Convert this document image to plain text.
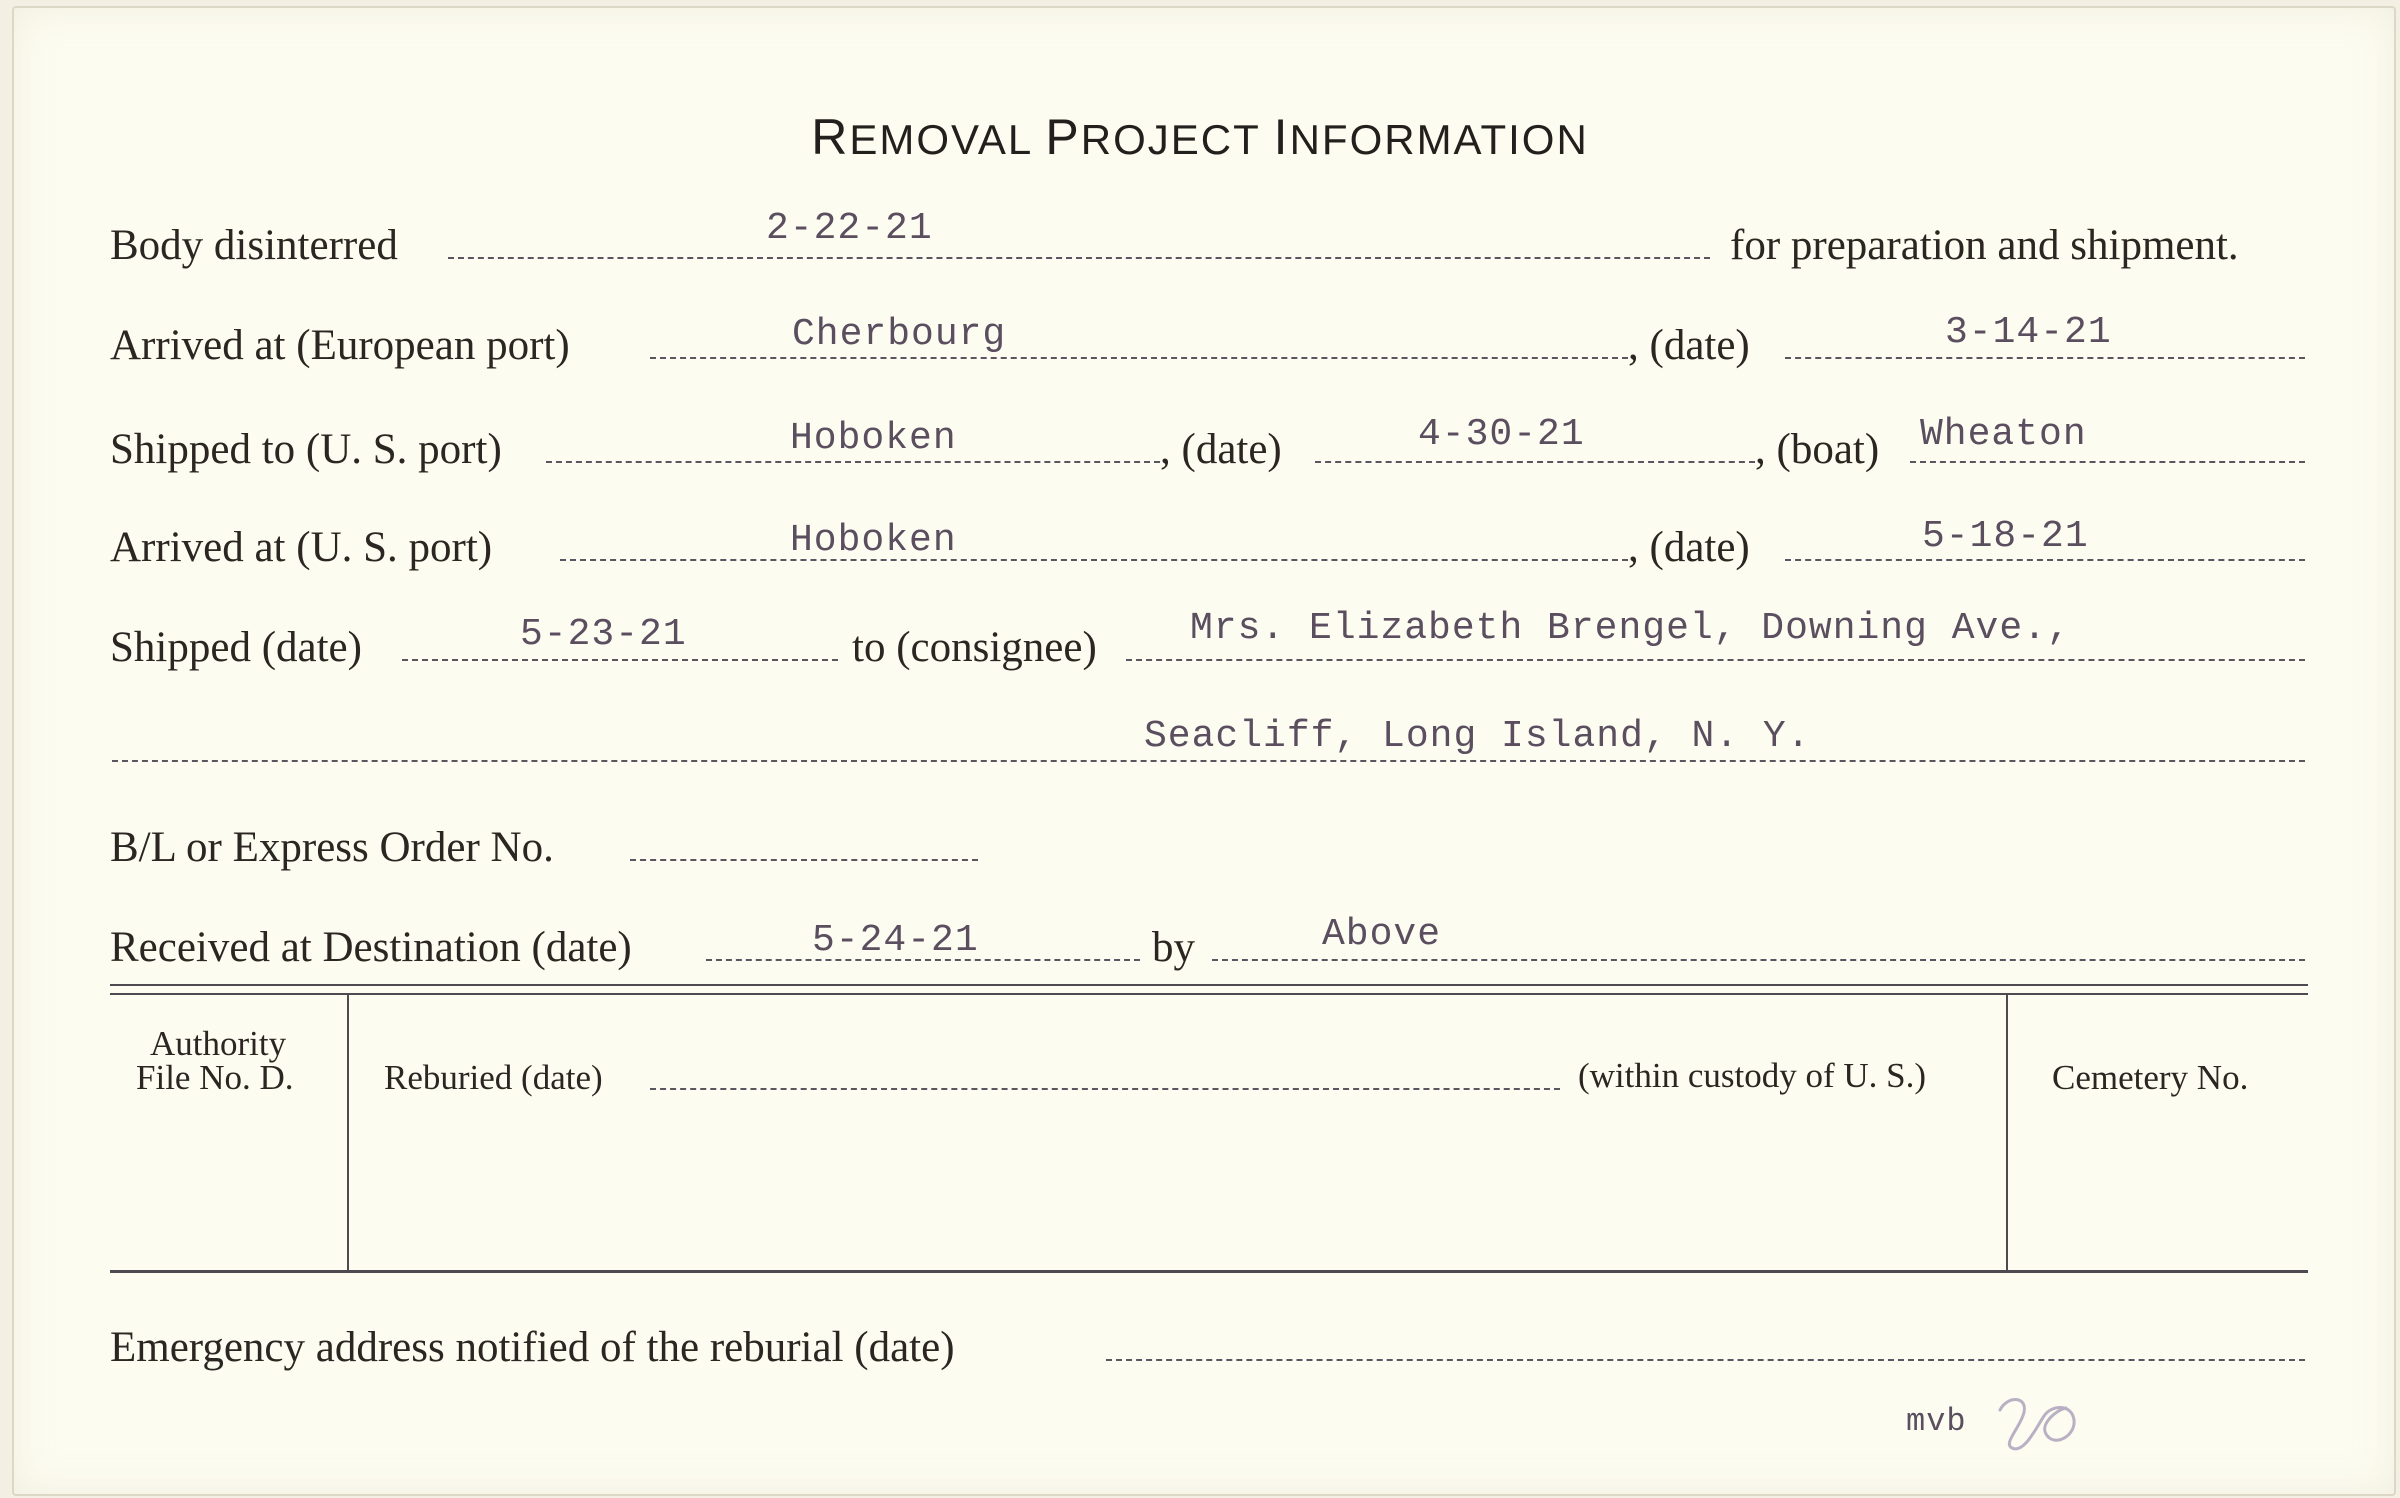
REMOVAL PROJECT INFORMATION
Body disinterred	2-22-21	for preparation and shipment.
Arrived at (European port)	Cherbourg	, (date)	3-14-21
Shipped to (U. S. port)	Hoboken	, (date)	4-30-21	, (boat) Wheaton
Arrived at (U. S. port)	Hoboken	, (date)	5-18-21
Shipped (date)	5-23-21	to (consignee) Mrs. Elizabeth Brengel, Downing Ave.,
Seacliff, Long Island, N. Y.
B/L or Express Order No.
Received at Destination (date)	5-24-21	by	Above
Authority
File No. D.	Reburied (date)	(within custody of U. S.)	Cemetery No.
Emergency address notified of the reburial (date)
mvb
